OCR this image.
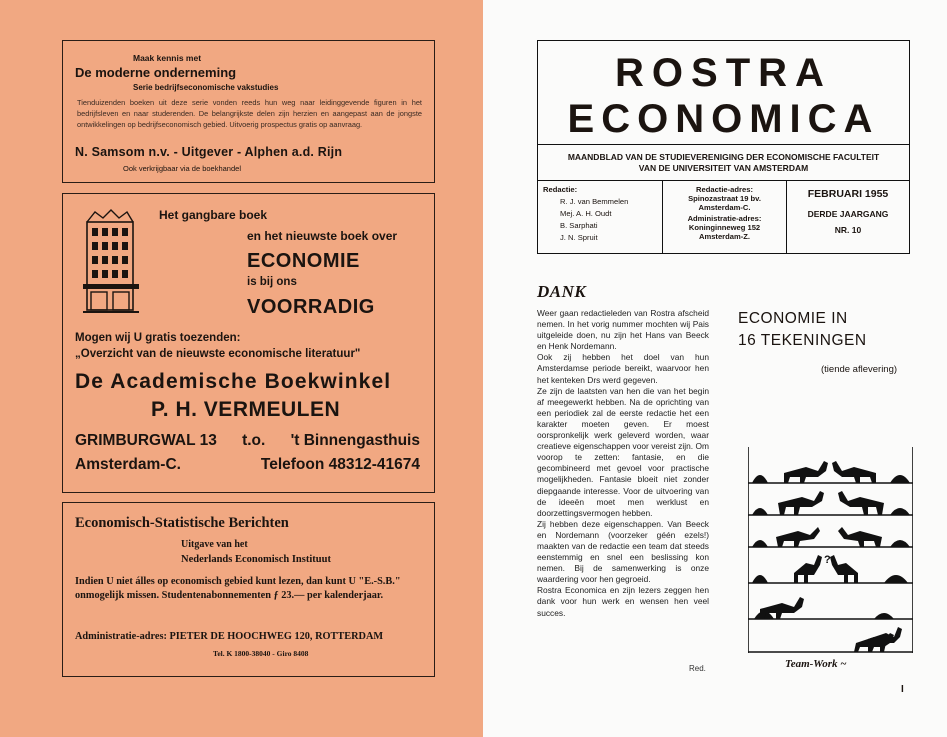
Maak kennis met
De moderne onderneming
Serie bedrijfseconomische vakstudies
Tienduizenden boeken uit deze serie vonden reeds hun weg naar leidinggevende figuren in het bedrijfsleven en naar studerenden. De belangrijkste delen zijn herzien en aangepast aan de jongste ontwikkelingen op bedrijfseconomisch gebied. Uitvoerig prospectus gratis op aanvraag.
N. Samsom n.v. - Uitgever - Alphen a.d. Rijn
Ook verkrijgbaar via de boekhandel
Het gangbare boek
en het nieuwste boek over
ECONOMIE
is bij ons
VOORRADIG
Mogen wij U gratis toezenden:
„Overzicht van de nieuwste economische literatuur"
De Academische Boekwinkel
P. H. VERMEULEN
GRIMBURGWAL 13 t.o. 't Binnengasthuis
Amsterdam-C.	Telefoon 48312-41674
Economisch-Statistische Berichten
Uitgave van het
Nederlands Economisch Instituut
Indien U niet álles op economisch gebied kunt lezen, dan kunt U "E.-S.B." onmogelijk missen. Studentenabonnementen ƒ 23.— per kalenderjaar.
Administratie-adres: PIETER DE HOOCHWEG 120, ROTTERDAM
Tel. K 1800-38040 - Giro 8408
ROSTRA
ECONOMICA
MAANDBLAD VAN DE STUDIEVERENIGING DER ECONOMISCHE FACULTEIT
VAN DE UNIVERSITEIT VAN AMSTERDAM
Redactie:
R. J. van Bemmelen
Mej. A. H. Oudt
B. Sarphati
J. N. Spruit
Redactie-adres:
Spinozastraat 19 bv.
Amsterdam-C.
Administratie-adres:
Koninginneweg 152
Amsterdam-Z.
FEBRUARI 1955
DERDE JAARGANG
NR. 10
DANK

Weer gaan redactieleden van Rostra afscheid nemen. In het vorig nummer mochten wij Pais uitgeleide doen, nu zijn het Hans van Beeck en Henk Nordemann.

Ook zij hebben het doel van hun Amsterdamse periode bereikt, waarvoor hen het kenteken Drs werd gegeven.

Ze zijn de laatsten van hen die van het begin af meegewerkt hebben. Na de oprichting van een periodiek zal de eerste redactie het een karakter moeten geven. Er moest oorspronkelijk werk geleverd worden, waar creatieve eigenschappen voor vereist zijn. Om voorop te zetten: fantasie, en die gecombineerd met gevoel voor practische mogelijkheden. Fantasie bloeit niet zonder diepgaande interesse. Voor de uitvoering van de ideeën moet men werklust en doorzettingsvermogen hebben.

Zij hebben deze eigenschappen. Van Beeck en Nordemann (voorzeker géén ezels!) maakten van de redactie een team dat steeds eenstemmig en snel een beslissing kon nemen. Bij de samenwerking is onze waardering voor hen gegroeid.

Rostra Economica en zijn lezers zeggen hen dank voor hun werk en wensen hen veel succes.

Red.
ECONOMIE IN
16 TEKENINGEN
(tiende aflevering)
?
Team-Work ~
I
